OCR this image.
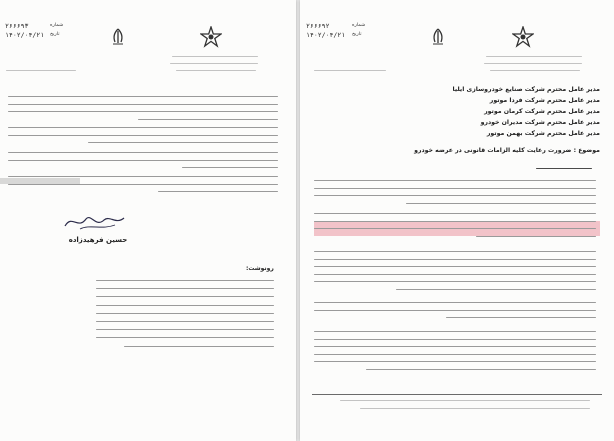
۲۶۶۶۹۳	شماره
۱۴۰۲/۰۴/۲۱ تاریخ
حسین فرهیدزاده
رونوشت:
۲۶۶۶۹۲	شماره
۱۴۰۲/۰۴/۲۱ تاریخ
مدیر عامل محترم شرکت صنایع خودروسازی ایلیا
مدیر عامل محترم شرکت فردا موتور
مدیر عامل محترم شرکت کرمان موتور
مدیر عامل محترم شرکت مدیران خودرو
مدیر عامل محترم شرکت بهمن موتور
موضوع : ضرورت رعایت کلیه الزامات قانونی در عرضه خودرو
